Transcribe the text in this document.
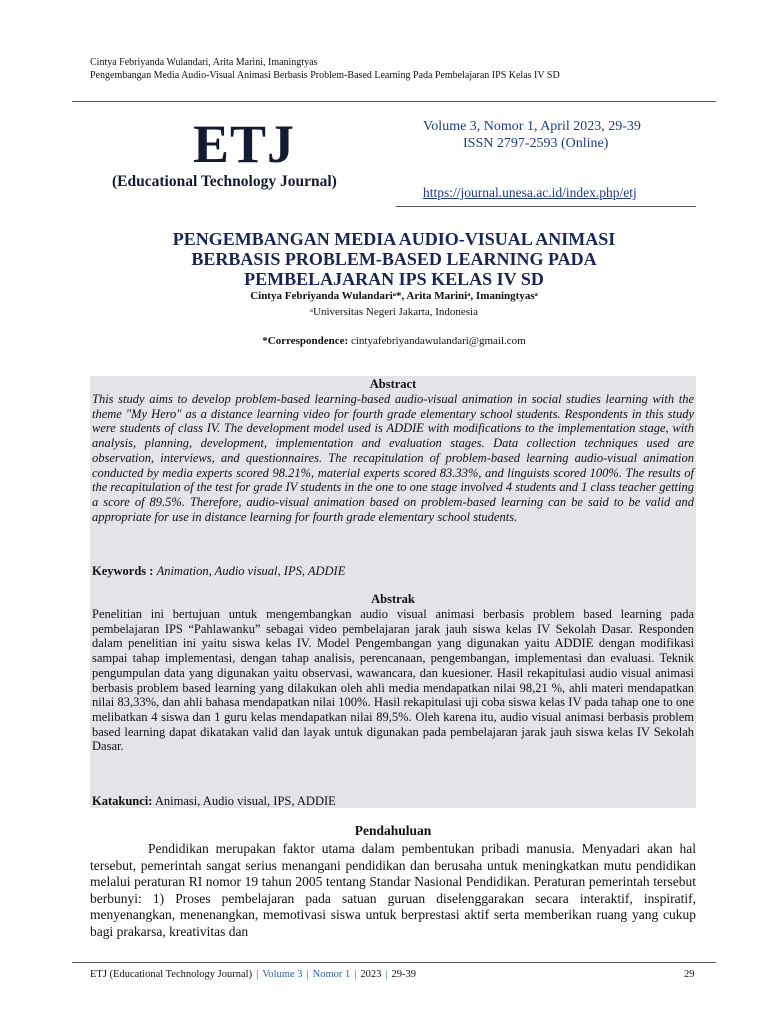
Cintya Febriyanda Wulandari, Arita Marini, Imaningtyas
Pengembangan Media Audio-Visual Animasi Berbasis Problem-Based Learning Pada Pembelajaran IPS Kelas IV SD
ETJ
(Educational Technology Journal)
Volume 3, Nomor 1, April 2023, 29-39
ISSN 2797-2593 (Online)
https://journal.unesa.ac.id/index.php/etj
PENGEMBANGAN MEDIA AUDIO-VISUAL ANIMASI
BERBASIS PROBLEM-BASED LEARNING PADA
PEMBELAJARAN IPS KELAS IV SD
Cintya Febriyanda Wulandariᵃ*, Arita Mariniᵃ, Imaningtyasᵃ
ᵃUniversitas Negeri Jakarta, Indonesia
*Correspondence: cintyafebriyandawulandari@gmail.com
Abstract
This study aims to develop problem-based learning-based audio-visual animation in social studies learning with the theme "My Hero" as a distance learning video for fourth grade elementary school students. Respondents in this study were students of class IV. The development model used is ADDIE with modifications to the implementation stage, with analysis, planning, development, implementation and evaluation stages. Data collection techniques used are observation, interviews, and questionnaires. The recapitulation of problem-based learning audio-visual animation conducted by media experts scored 98.21%, material experts scored 83.33%, and linguists scored 100%. The results of the recapitulation of the test for grade IV students in the one to one stage involved 4 students and 1 class teacher getting a score of 89.5%. Therefore, audio-visual animation based on problem-based learning can be said to be valid and appropriate for use in distance learning for fourth grade elementary school students.
Keywords : Animation, Audio visual, IPS, ADDIE
Abstrak
Penelitian ini bertujuan untuk mengembangkan audio visual animasi berbasis problem based learning pada pembelajaran IPS “Pahlawanku” sebagai video pembelajaran jarak jauh siswa kelas IV Sekolah Dasar. Responden dalam penelitian ini yaitu siswa kelas IV. Model Pengembangan yang digunakan yaitu ADDIE dengan modifikasi sampai tahap implementasi, dengan tahap analisis, perencanaan, pengembangan, implementasi dan evaluasi. Teknik pengumpulan data yang digunakan yaitu observasi, wawancara, dan kuesioner. Hasil rekapitulasi audio visual animasi berbasis problem based learning yang dilakukan oleh ahli media mendapatkan nilai 98,21 %, ahli materi mendapatkan nilai 83,33%, dan ahli bahasa mendapatkan nilai 100%. Hasil rekapitulasi uji coba siswa kelas IV pada tahap one to one melibatkan 4 siswa dan 1 guru kelas mendapatkan nilai 89,5%. Oleh karena itu, audio visual animasi berbasis problem based learning dapat dikatakan valid dan layak untuk digunakan pada pembelajaran jarak jauh siswa kelas IV Sekolah Dasar.
Katakunci: Animasi, Audio visual, IPS, ADDIE
Pendahuluan

Pendidikan merupakan faktor utama dalam pembentukan pribadi manusia. Menyadari akan hal tersebut, pemerintah sangat serius menangani pendidikan dan berusaha untuk meningkatkan mutu pendidikan melalui peraturan RI nomor 19 tahun 2005 tentang Standar Nasional Pendidikan. Peraturan pemerintah tersebut berbunyi: 1) Proses pembelajaran pada satuan guruan diselenggarakan secara interaktif, inspiratif, menyenangkan, menenangkan, memotivasi siswa untuk berprestasi aktif serta memberikan ruang yang cukup bagi prakarsa, kreativitas dan

ETJ (Educational Technology Journal) | Volume 3 | Nomor 1 | 2023 | 29-39	29
